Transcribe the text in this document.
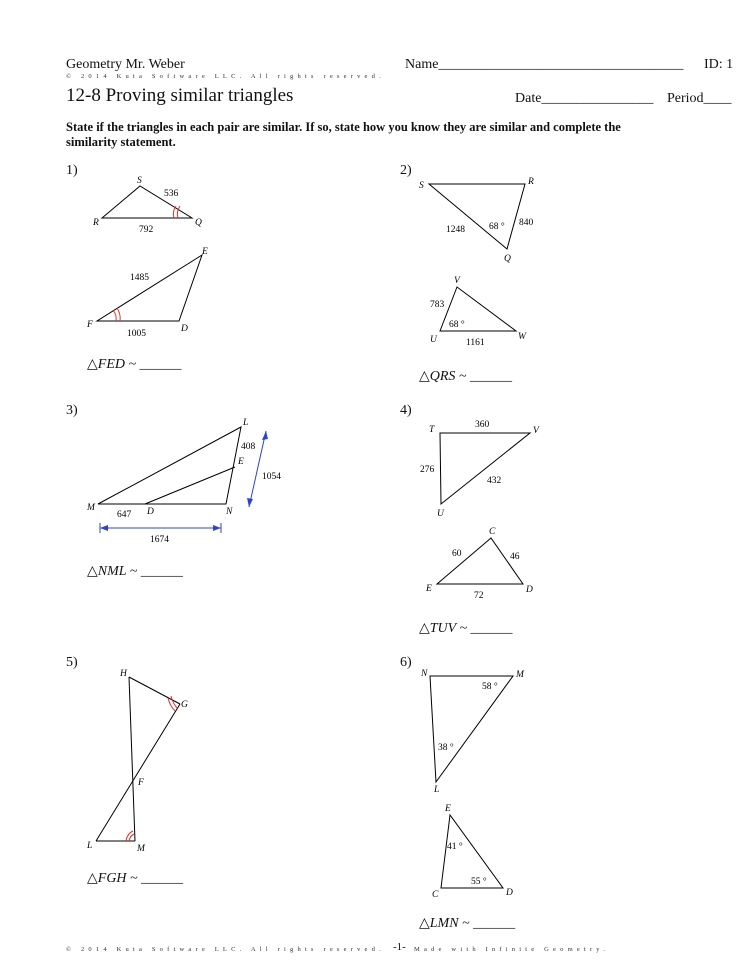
Geometry Mr. Weber	Name___________________________________ ID: 1
© 2014 Kuta Software LLC. All rights reserved.
12-8 Proving similar triangles	Date________________ Period____
State if the triangles in each pair are similar. If so, state how you know they are similar and complete the similarity statement.
1)	2)
3)	4)
5)	6)
△FED ~ ______
△QRS ~ ______
△NML ~ ______
△TUV ~ ______
△FGH ~ ______
△LMN ~ ______
S
R	Q
536
792
E
F	D
1485
1005
S	R
Q
1248	68 ° 840
V
U	W
783
68 °
1161
L
E
M	D	N
408
1054
647
1674
T	V
U
360
276
432
C
E	D
60	46
72
H
G
F
L	M
N	M
L
58 °
38 °
E
C	D
41 °
55 °
© 2014 Kuta Software LLC. All rights reserved. -1- Made with Infinite Geometry.
